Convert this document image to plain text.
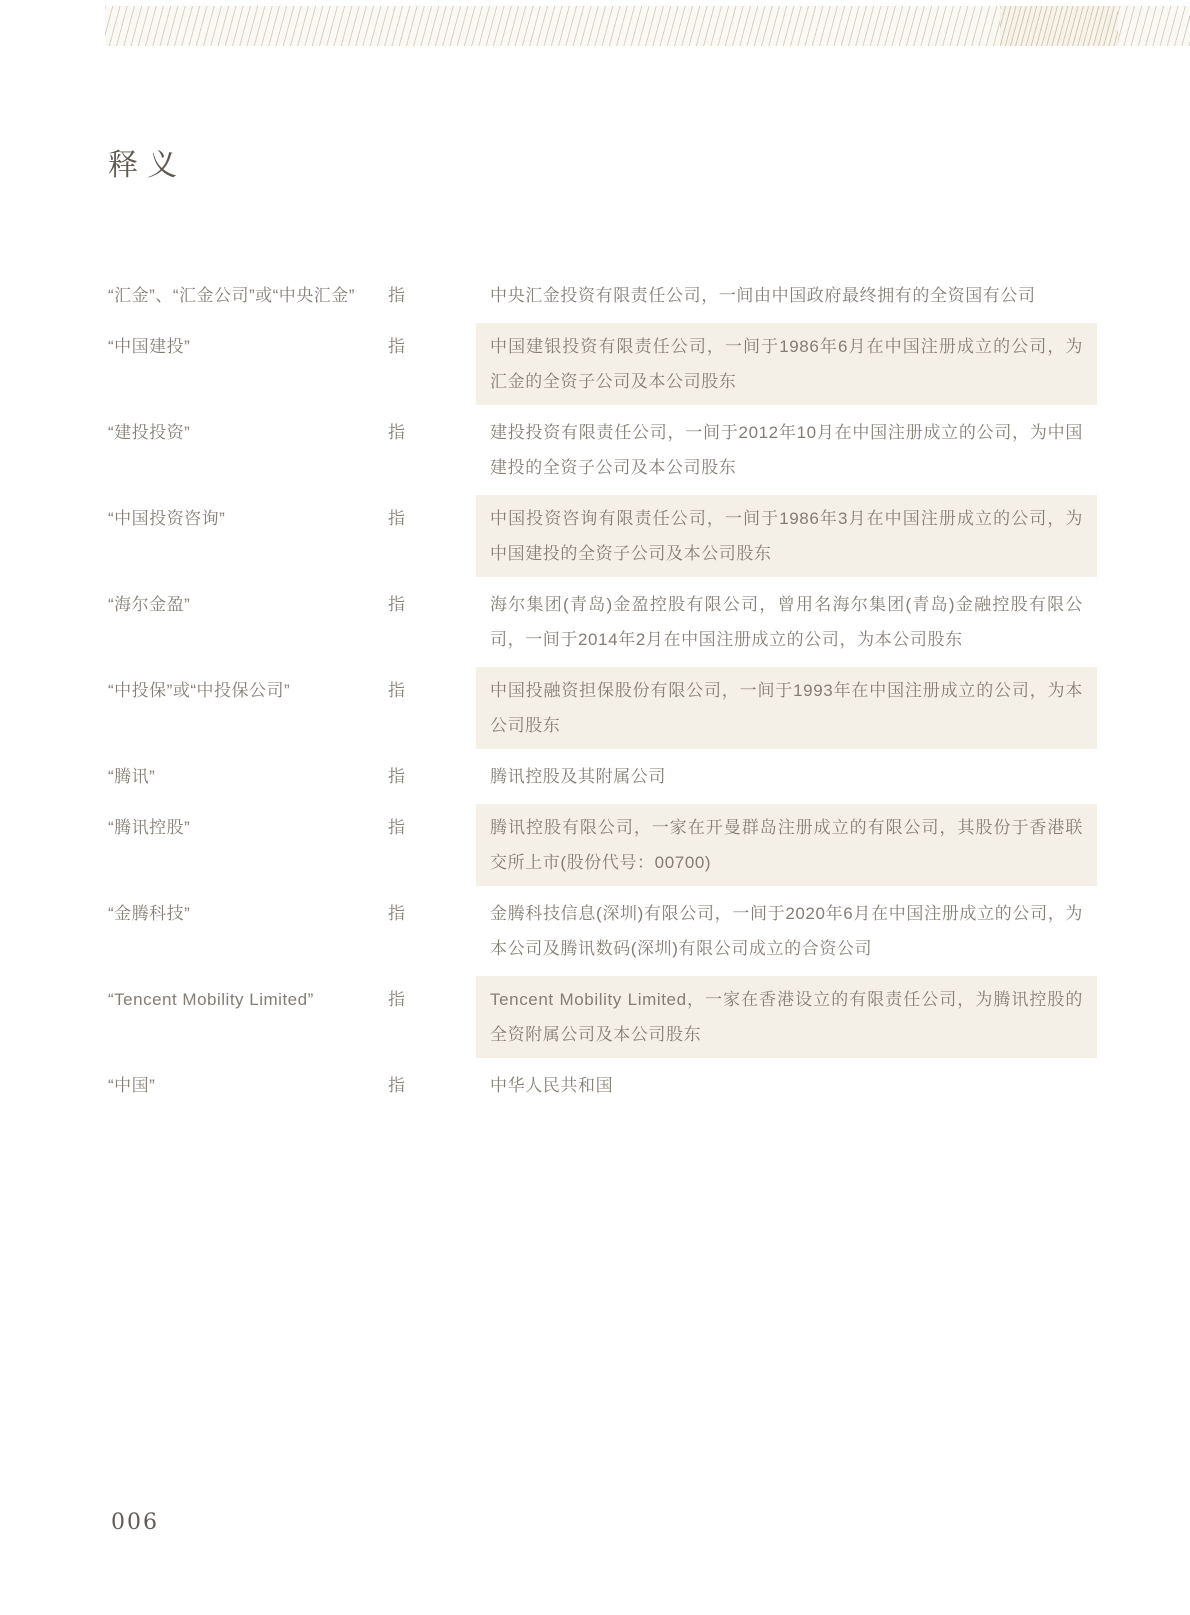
释义
“汇金”、“汇金公司”或“中央汇金”	指	中央汇金投资有限责任公司，一间由中国政府最终拥有的全资国有公司
“中国建投”	指	中国建银投资有限责任公司，一间于1986年6月在中国注册成立的公司，为汇金的全资子公司及本公司股东
“建投投资”	指	建投投资有限责任公司，一间于2012年10月在中国注册成立的公司，为中国建投的全资子公司及本公司股东
“中国投资咨询”	指	中国投资咨询有限责任公司，一间于1986年3月在中国注册成立的公司，为中国建投的全资子公司及本公司股东
“海尔金盈”	指	海尔集团(青岛)金盈控股有限公司，曾用名海尔集团(青岛)金融控股有限公司，一间于2014年2月在中国注册成立的公司，为本公司股东
“中投保”或“中投保公司”	指	中国投融资担保股份有限公司，一间于1993年在中国注册成立的公司，为本公司股东
“腾讯”	指	腾讯控股及其附属公司
“腾讯控股”	指	腾讯控股有限公司，一家在开曼群岛注册成立的有限公司，其股份于香港联交所上市(股份代号：00700)
“金腾科技”	指	金腾科技信息(深圳)有限公司，一间于2020年6月在中国注册成立的公司，为本公司及腾讯数码(深圳)有限公司成立的合资公司
“Tencent Mobility Limited”	指	Tencent Mobility Limited，一家在香港设立的有限责任公司，为腾讯控股的全资附属公司及本公司股东
“中国”	指	中华人民共和国
006
